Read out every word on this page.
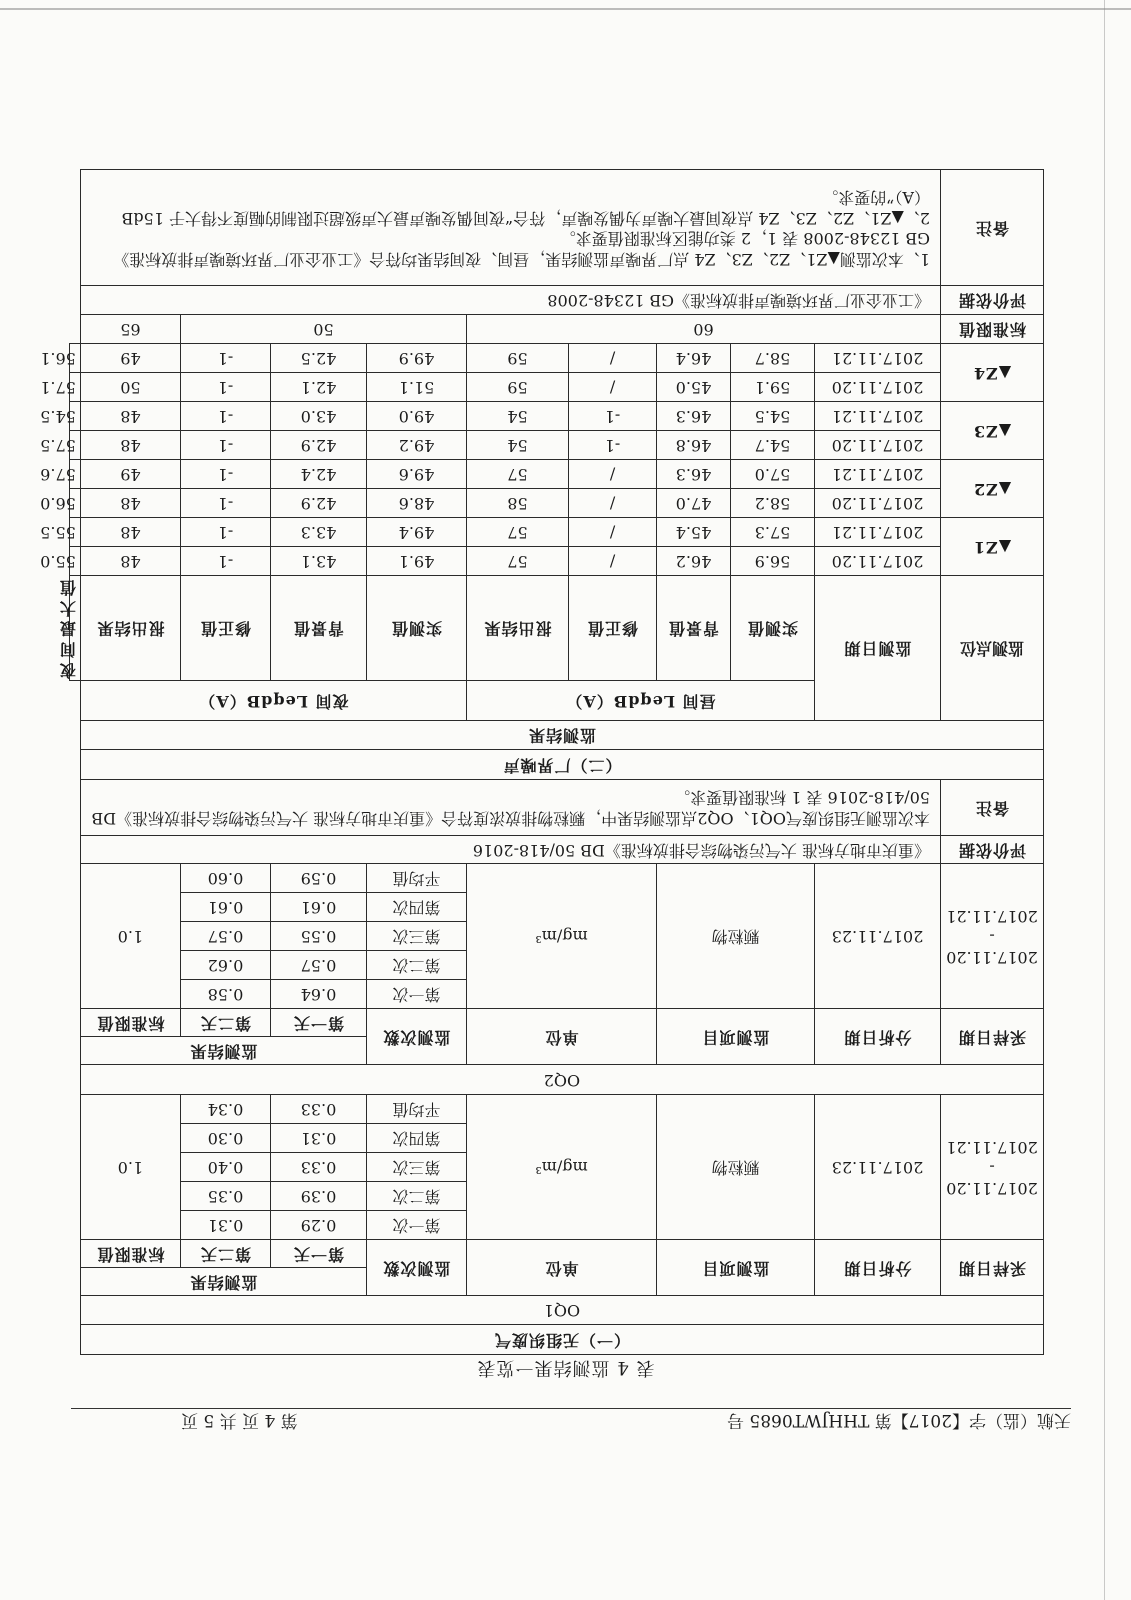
天航（监）字【2017】第 THHJWT0685 号
第 4 页 共 5 页
表 4 监测结果一览表
（一）无组织废气										
OQ1										
采样日期	分析日期	监测项目		单位		监测次数	监测结果			
							第一天	第二天	标准限值	
2017.11.20 - 2017.11.21	2017.11.23	颗粒物		mg/m³		第一次	0.29	0.31	1.0	
						第二次	0.39	0.35		
						第三次	0.33	0.40		
						第四次	0.31	0.30		
						平均值	0.33	0.34		
OQ2										
采样日期	分析日期	监测项目		单位		监测次数	监测结果			
							第一天	第二天	标准限值	
2017.11.20 - 2017.11.21	2017.11.23	颗粒物		mg/m³		第一次	0.64	0.58	1.0	
						第二次	0.57	0.62		
						第三次	0.55	0.57		
						第四次	0.61	0.61		
						平均值	0.59	0.60		
评价依据	《重庆市地方标准 大气污染物综合排放标准》DB 50/418-2016									
备注	本次监测无组织废气OQ1、OQ2点监测结果中，颗粒物排放浓度符合《重庆市地方标准 大气污染物综合排放标准》DB 50/418-2016 表 1 标准限值要求。									
（二）厂界噪声										
监测结果										
监测点位	监测日期	昼间 LeqdB（A）				夜间 LeqdB（A）				
		实测值	背景值	修正值	报出结果	实测值	背景值	修正值	报出结果	夜间最大值
▲Z1	2017.11.20	56.9	46.2	/	57	49.1	43.1	-1	48	55.0
	2017.11.21	57.3	45.4	/	57	49.4	43.3	-1	48	55.5
▲Z2	2017.11.20	58.2	47.0	/	58	48.6	42.9	-1	48	56.0
	2017.11.21	57.0	46.3	/	57	49.6	42.4	-1	49	57.6
▲Z3	2017.11.20	54.7	46.8	-1	54	49.2	42.9	-1	48	57.5
	2017.11.21	54.5	46.3	-1	54	49.0	43.0	-1	48	54.5
▲Z4	2017.11.20	59.1	45.0	/	59	51.1	42.1	-1	50	57.1
	2017.11.21	58.7	46.4	/	59	49.9	42.5	-1	49	56.1
标准限值	60					50			65	
评价依据	《工业企业厂界环境噪声排放标准》GB 12348-2008									
备注	1、本次监测▲Z1、Z2、Z3、Z4 点厂界噪声监测结果，昼间、夜间结果均符合《工业企业厂界环境噪声排放标准》 GB 12348-2008 表 1，2 类功能区标准限值要求。
2、▲Z1、Z2、Z3、Z4 点夜间最大噪声为偶发噪声，符合“夜间偶发噪声最大声级超过限制的幅度不得大于 15dB（A）”的要求。									
